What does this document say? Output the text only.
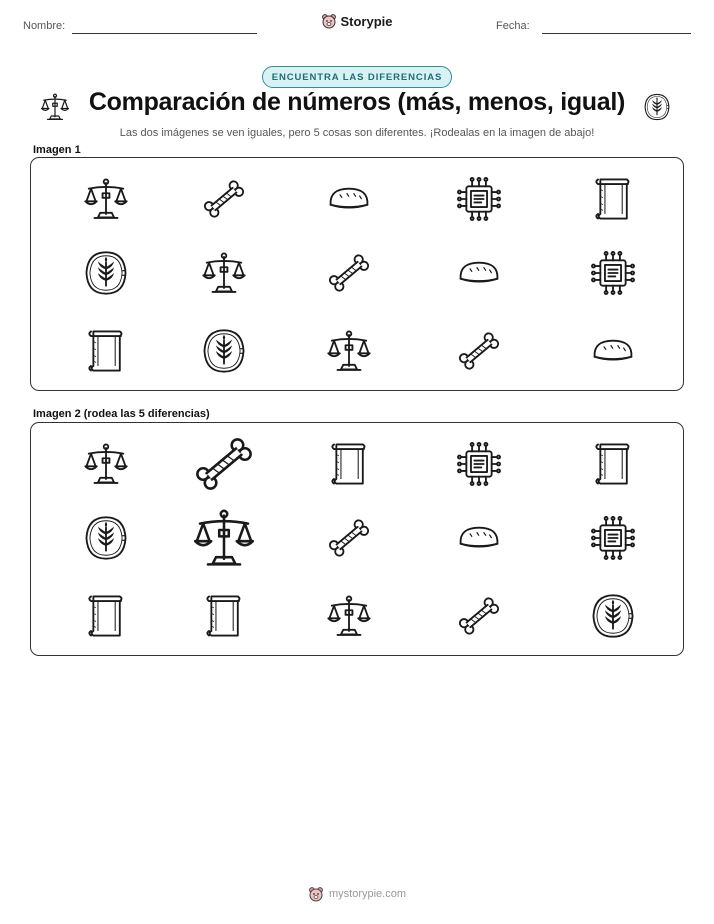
Nombre:	Storypie	Fecha:
ENCUENTRA LAS DIFERENCIAS
Comparación de números (más, menos, igual)
Las dos imágenes se ven iguales, pero 5 cosas son diferentes. ¡Rodealas en la imagen de abajo!
Imagen 1
Imagen 2 (rodea las 5 diferencias)
mystorypie.com
